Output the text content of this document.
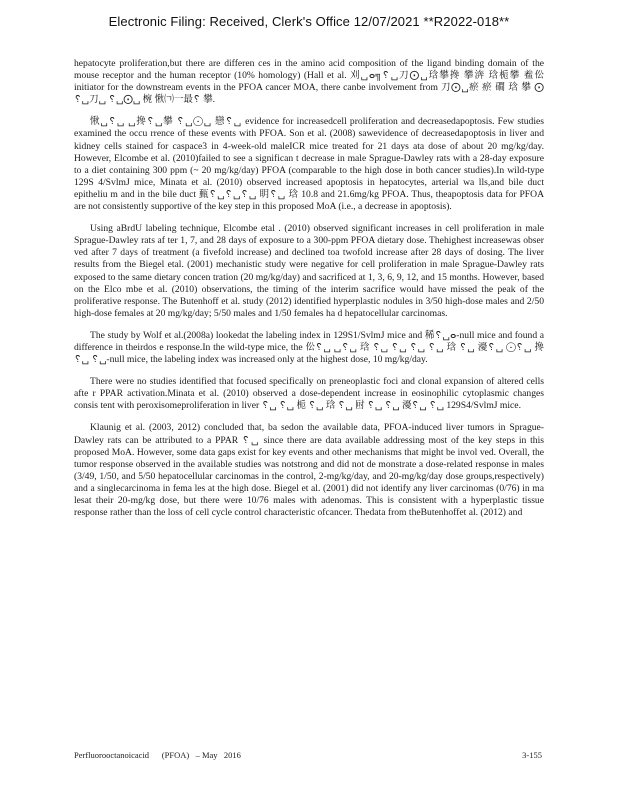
Electronic Filing: Received, Clerk's Office 12/07/2021 **R2022-018**

hepatocyte proliferation,but there are differen ces in the amino acid composition of the ligand binding domain of the mouse receptor and the human receptor (10% homology) (Hall et al. 刈␣ⴰ╗␦␣刀⨀␣琀攀搀 攀渀 琀栀攀 鲝伀 initiator for the downstream events in the PFOA cancer MOA, there canbe involvement from 刀⨀␣瘀 瘀 礀 琀 攀 ⨀ ␦␣刀␣ ␦␣⨀␣ 椀 愀㈀⼀最␦ 攀.

愀␣␦␣ ␣搀␦␣攀 ␦␣⨀␣ 戀␦␣ evidence for increasedcell proliferation and decreasedapoptosis. Few studies examined the occu rrence of these events with PFOA. Son et al. (2008) sawevidence of decreasedapoptosis in liver and kidney cells stained for caspace3 in 4-week-old maleICR mice treated for 21 days ata dose of about 20 mg/kg/day. However, Elcombe et al. (2010)failed to see a significan t decrease in male Sprague-Dawley rats with a 28-day exposure to a diet containing 300 ppm (~ 20 mg/kg/day) PFOA (comparable to the high dose in both cancer studies).In wild-type 129S 4/SvlmJ mice, Minata et al. (2010) observed increased apoptosis in hepatocytes, arterial wa lls,and bile duct epitheliu m and in the bile duct 甀␦␣␦␣␦␣ 眀␦␣ 琀 10.8 and 21.6mg/kg PFOA. Thus, theapoptosis data for PFOA are not consistently supportive of the key step in this proposed MoA (i.e., a decrease in apoptosis).

Using aBrdU labeling technique, Elcombe etal . (2010) observed significant increases in cell proliferation in male Sprague-Dawley rats af ter 1, 7, and 28 days of exposure to a 300-ppm PFOA dietary dose. Thehighest increasewas obser ved after 7 days of treatment (a fivefold increase) and declined toa twofold increase after 28 days of dosing. The liver results from the Biegel etal. (2001) mechanistic study were negative for cell proliferation in male Sprague-Dawley rats exposed to the same dietary concen tration (20 mg/kg/day) and sacrificed at 1, 3, 6, 9, 12, and 15 months. However, based on the Elco mbe et al. (2010) observations, the timing of the interim sacrifice would have missed the peak of the proliferative response. The Butenhoff et al. study (2012) identified hyperplastic nodules in 3/50 high-dose males and 2/50 high-dose females at 20 mg/kg/day; 5/50 males and 1/50 females ha d hepatocellular carcinomas.

The study by Wolf et al.(2008a) lookedat the labeling index in 129S1/SvlmJ mice and 稀␦␣ⴰ-null mice and found a difference in theirdos e response.In the wild-type mice, the 伀␦␣ ␣␦␣ 琀 ␦␣ ␦␣ ␦␣ ␦␣ 琀 ␦␣ 瀀␦␣ ⨀␦␣ 搀 ␦␣ ␦␣-null mice, the labeling index was increased only at the highest dose, 10 mg/kg/day.

There were no studies identified that focused specifically on preneoplastic foci and clonal expansion of altered cells afte r PPAR activation.Minata et al. (2010) observed a dose-dependent increase in eosinophilic cytoplasmic changes consis tent with peroxisomeproliferation in liver ␦␣ ␦␣ 栀 ␦␣ 琀 ␦␣ 尀 ␦␣ ␦␣ 瀀␦␣ ␦␣ 129S4/SvlmJ mice.

Klaunig et al. (2003, 2012) concluded that, ba sedon the available data, PFOA-induced liver tumors in Sprague-Dawley rats can be attributed to a PPAR ␦␣ since there are data available addressing most of the key steps in this proposed MoA. However, some data gaps exist for key events and other mechanisms that might be invol ved. Overall, the tumor response observed in the available studies was notstrong and did not de monstrate a dose-related response in males (3/49, 1/50, and 5/50 hepatocellular carcinomas in the control, 2-mg/kg/day, and 20-mg/kg/day dose groups,respectively) and a singlecarcinoma in fema les at the high dose. Biegel et al. (2001) did not identify any liver carcinomas (0/76) in ma lesat their 20-mg/kg dose, but there were 10/76 males with adenomas. This is consistent with a hyperplastic tissue response rather than the loss of cell cycle control characteristic ofcancer. Thedata from theButenhoffet al. (2012) and

Perfluorooctanoicacid      (PFOA)   – May   2016	3-155
